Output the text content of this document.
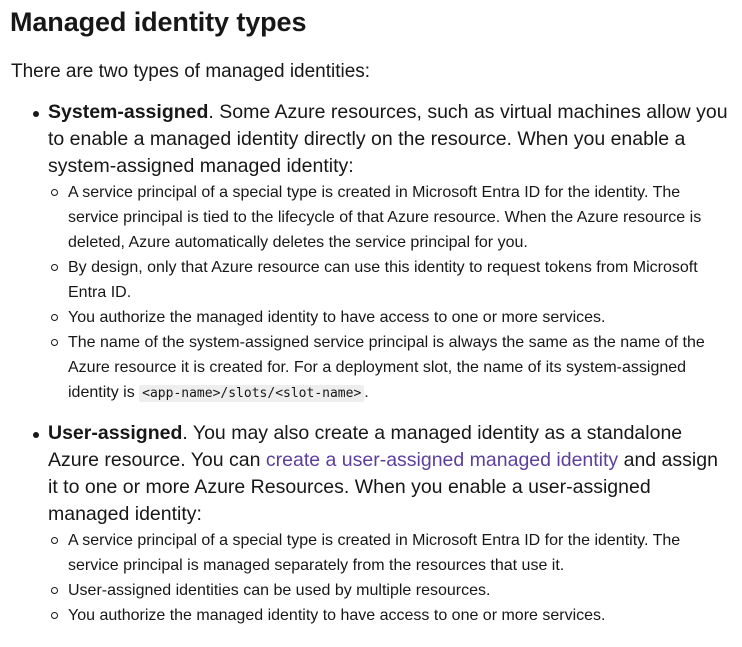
Managed identity types

There are two types of managed identities:

System-assigned. Some Azure resources, such as virtual machines allow you to enable a managed identity directly on the resource. When you enable a system-assigned managed identity:
A service principal of a special type is created in Microsoft Entra ID for the identity. The service principal is tied to the lifecycle of that Azure resource. When the Azure resource is deleted, Azure automatically deletes the service principal for you.
By design, only that Azure resource can use this identity to request tokens from Microsoft Entra ID.
You authorize the managed identity to have access to one or more services.
The name of the system-assigned service principal is always the same as the name of the Azure resource it is created for. For a deployment slot, the name of its system-assigned identity is <app-name>/slots/<slot-name> .
User-assigned. You may also create a managed identity as a standalone Azure resource. You can create a user-assigned managed identity and assign it to one or more Azure Resources. When you enable a user-assigned managed identity:
A service principal of a special type is created in Microsoft Entra ID for the identity. The service principal is managed separately from the resources that use it.
User-assigned identities can be used by multiple resources.
You authorize the managed identity to have access to one or more services.
